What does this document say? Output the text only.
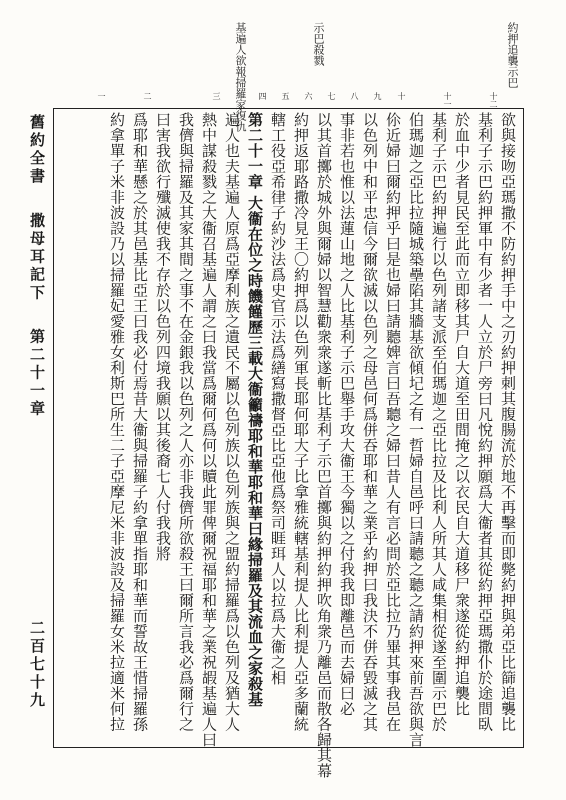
舊約全書　 撒母耳記下　 第二十一章
二百七十九
約押追襲示巴
示巴殺戮
基遍人欲報掃羅家復仇
欲與接吻亞瑪撒不防約押手中之刃約押刺其腹腸流於地不再擊而即斃約押與弟亞比篩追襲比
基利子示巴約押軍中有少者一人立於尸旁曰凡悅約押願爲大衞者其從約押亞瑪撒仆於途間臥
於血中少者見民至此而立即移其尸自大道至田間掩之以衣民自大道移尸衆遂從約押追襲比
基利子示巴約押遍行以色列諸支派至伯瑪迦之亞比拉及比利人所其人咸集相從遂至圍示巴於
伯瑪迦之亞比拉隨城築壘陷其牆基欲傾圮之有一哲婦自邑呼曰請聽之聽之請約押來前吾欲與言
伱近婦曰爾約押乎曰是也婦曰請聽婢言曰吾聽之婦曰昔人有言必問於亞比拉乃畢其事我邑在
以色列中和平忠信今爾欲滅以色列之母邑何爲併吞耶和華之業乎約押曰我決不併吞毀滅之其
事非若也惟以法蓮山地之人比基利子示巴舉手攻大衞王今獨以之付我我即離邑而去婦曰必
以其首擲於城外與爾婦以智慧勸衆衆遂斬比基利子示巴首擲與約押約押吹角衆乃離邑而散各歸其幕
約押返耶路撒冷見王〇約押爲以色列軍長耶何耶大子比拿雅統轄基利提人比利提人亞多蘭統
轄工役亞希律子約沙法爲史官示法爲繕寫撒督亞比亞他爲祭司睚珥人以拉爲大衞之相
第二十一章 大衞在位之時饑饉歷三載大衞籲禱耶和華耶和華曰緣掃羅及其流血之家殺基
遍人也夫基遍人原爲亞摩利族之遺民不屬以色列族以色列族與之盟約掃羅爲以色列及猶大人
熱中謀殺戮之大衞召基遍人謂之曰我當爲爾何爲何以贖此罪俾爾祝福耶和華之業祝嘏基遍人曰
我儕與掃羅及其家其間之事不在金銀我以色列之人亦非我儕所欲殺王曰爾所言我必爲爾行之
曰害我欲行殲滅使我不存於以色列四境我願以其後裔七人付我我將
爲耶和華懸之於其邑基比亞王曰我必付焉昔大衞與掃羅子約拿單指耶和華而誓故王惜掃羅孫
約拿單子米非波設乃以掃羅妃愛雅女利斯巴所生二子亞摩尼米非波設及掃羅女米拉適米何拉
十二
十一
十
九
八
七
六
五
四
三
二
一
